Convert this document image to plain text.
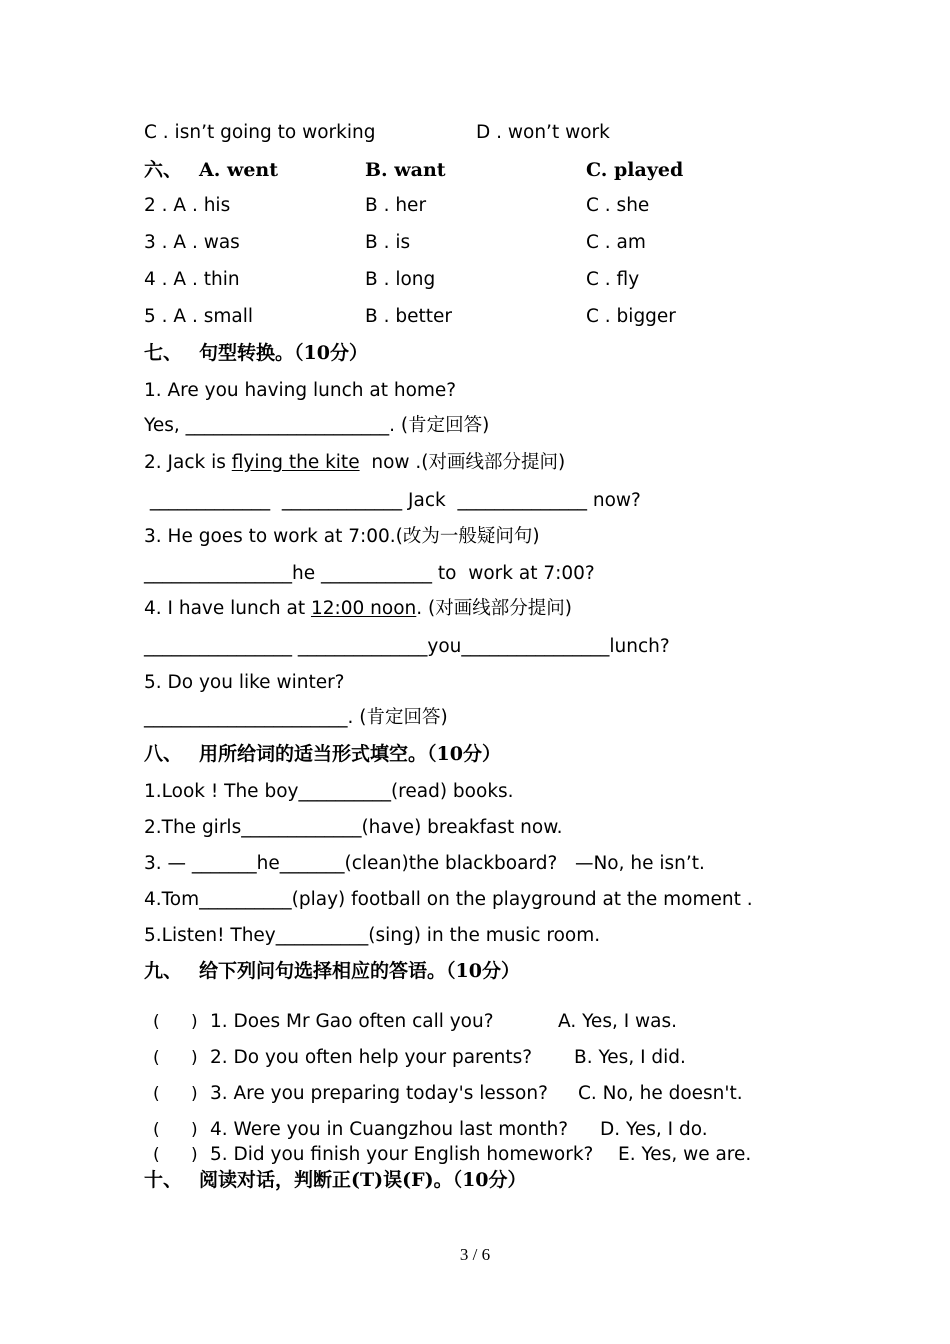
C . isn’t going to working	D . won’t work
六、 A. went	B. want	C. played
2 . A . his	B . her	C . she
3 . A . was	B . is	C . am
4 . A . thin	B . long	C . fly
5 . A . small	B . better	C . bigger
七、 句型转换。（10分）
1. Are you having lunch at home?
Yes, ______________________. (肯定回答)
2. Jack is flying the kite  now .(对画线部分提问)
_____________  _____________ Jack  ______________ now?
3. He goes to work at 7:00.(改为一般疑问句)
________________he ____________ to  work at 7:00?
4. I have lunch at 12:00 noon. (对画线部分提问)
________________ ______________you________________lunch?
5. Do you like winter?
______________________. (肯定回答)
八、 用所给词的适当形式填空。（10分）
1.Look ! The boy__________(read) books.
2.The girls_____________(have) breakfast now.
3. — _______he_______(clean)the blackboard?   —No, he isn’t.
4.Tom__________(play) football on the playground at the moment .
5.Listen! They__________(sing) in the music room.
九、 给下列问句选择相应的答语。（10分）
( ) 1. Does Mr Gao often call you?	A. Yes, I was.
( ) 2. Do you often help your parents? B. Yes, I did.
( ) 3. Are you preparing today's lesson? C. No, he doesn't.
( ) 4. Were you in Cuangzhou last month? D. Yes, I do.
( ) 5. Did you finish your English homework? E. Yes, we are.
十、 阅读对话，判断正(T)误(F)。（10分）
3 / 6
